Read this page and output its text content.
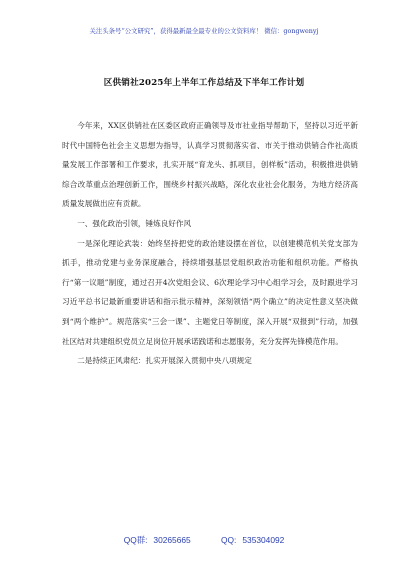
关注头条号“公文研究”，获得最新最全最专业的公文资料库！ 微信：gongwenyj
区供销社2025年上半年工作总结及下半年工作计划

今年来，XX区供销社在区委区政府正确领导及市社业指导帮助下，坚持以习近平新时代中国特色社会主义思想为指导，认真学习贯彻落实省、市关于推动供销合作社高质量发展工作部署和工作要求，扎实开展“育龙头、抓项目，创样板”活动，积极推进供销综合改革重点治理创新工作，围绕乡村振兴战略，深化农业社会化服务，为地方经济高质量发展做出应有贡献。

一、强化政治引领，锤炼良好作风

一是深化理论武装：始终坚持把党的政治建设摆在首位，以创建模范机关党支部为抓手，推动党建与业务深度融合，持续增强基层党组织政治功能和组织功能。严格执行“第一议题”制度，通过召开4次党组会议、6次理论学习中心组学习会，及时跟进学习习近平总书记最新重要讲话和指示批示精神，深刻领悟“两个确立”的决定性意义坚决做到“两个维护”。规范落实“三会一课”、主题党日等制度，深入开展“双报到”行动，加强社区结对共建组织党员立足岗位开展承诺践诺和志愿服务，充分发挥先锋模范作用。

二是持续正风肃纪：扎实开展深入贯彻中央八项规定

QQ群: 30265665	QQ: 535304092
